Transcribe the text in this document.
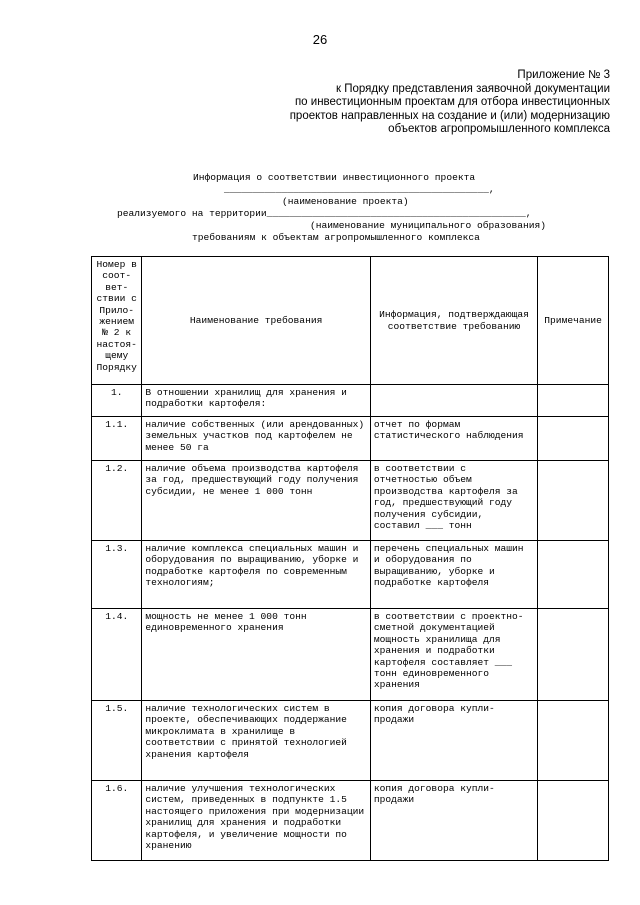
26
Приложение № 3
к Порядку представления заявочной документации
по инвестиционным проектам для отбора инвестиционных
проектов направленных на создание и (или) модернизацию
объектов агропромышленного комплекса
Информация о соответствии инвестиционного проекта
______________________________________________,
(наименование проекта)
реализуемого на территории_____________________________________________,
(наименование муниципального образования)
требованиям к объектам агропромышленного комплекса
Номер в соот-вет-ствии с Прило-жением № 2 к настоя-щему Порядку	Наименование требования	Информация, подтверждающая соответствие требованию	Примечание
1.	В отношении хранилищ для хранения и подработки картофеля:		
1.1.	наличие собственных (или арендованных) земельных участков под картофелем не менее 50 га	отчет по формам статистического наблюдения	
1.2.	наличие объема производства картофеля за год, предшествующий году получения субсидии, не менее 1 000 тонн	в соответствии с отчетностью объем производства картофеля за год, предшествующий году получения субсидии, составил ___ тонн	
1.3.	наличие комплекса специальных машин и оборудования по выращиванию, уборке и подработке картофеля по современным технологиям;	перечень специальных машин и оборудования по выращиванию, уборке и подработке картофеля	
1.4.	мощность не менее 1 000 тонн единовременного хранения	в соответствии с проектно-сметной документацией мощность хранилища для хранения и подработки картофеля составляет ___ тонн единовременного хранения	
1.5.	наличие технологических систем в проекте, обеспечивающих поддержание микроклимата в хранилище в соответствии с принятой технологией хранения картофеля	копия договора купли-продажи	
1.6.	наличие улучшения технологических систем, приведенных в подпункте 1.5 настоящего приложения при модернизации хранилищ для хранения и подработки картофеля, и увеличение мощности по хранению	копия договора купли-продажи	
